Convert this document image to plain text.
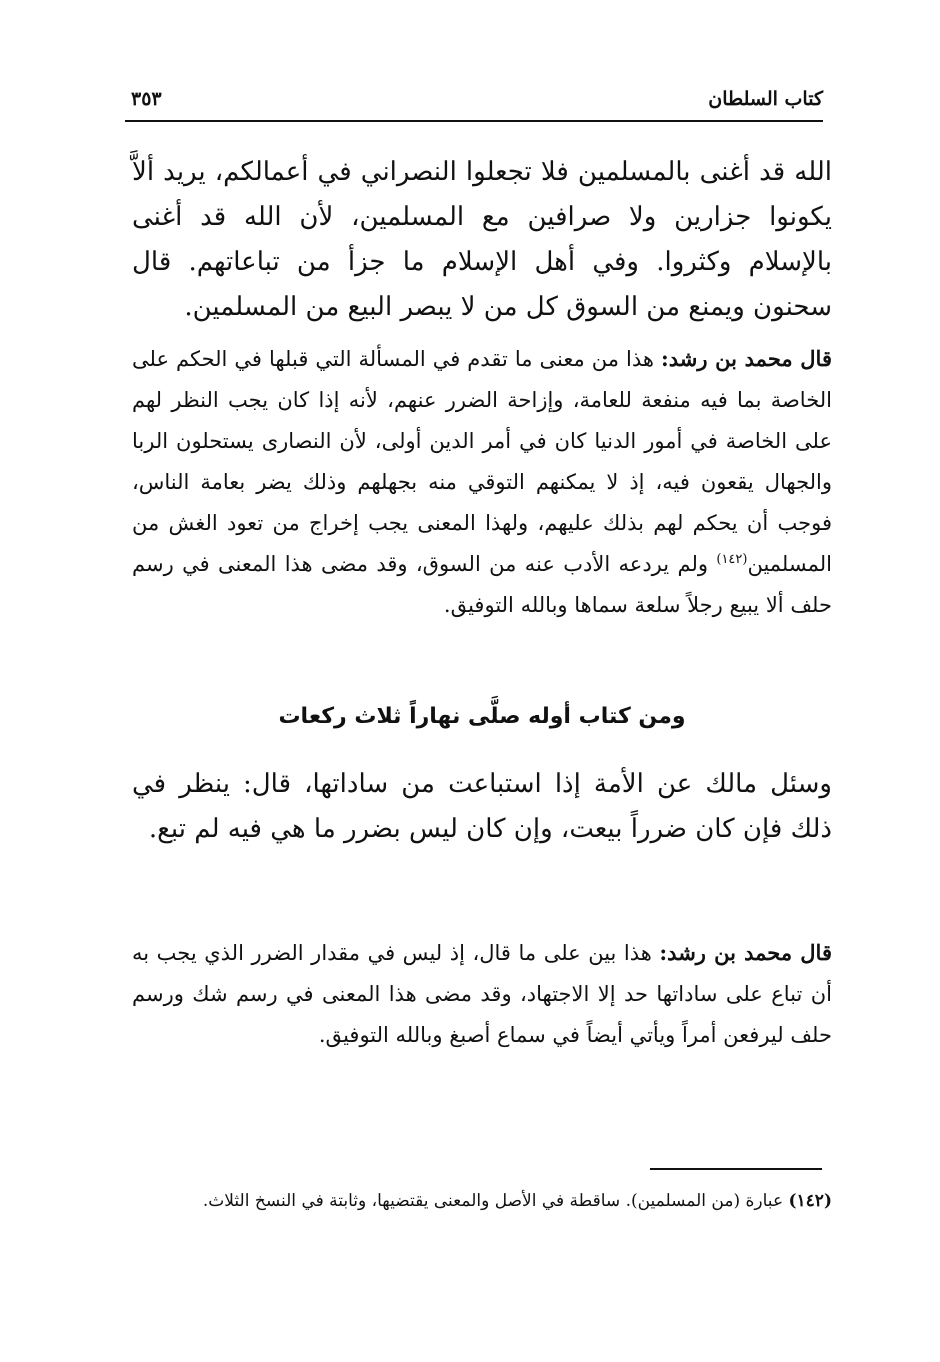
كتاب السلطان
٣٥٣
الله قد أغنى بالمسلمين فلا تجعلوا النصراني في أعمالكم، يريد ألاَّ يكونوا جزارين ولا صرافين مع المسلمين، لأن الله قد أغنى بالإسلام وكثروا. وفي أهل الإسلام ما جزأ من تباعاتهم. قال سحنون ويمنع من السوق كل من لا يبصر البيع من المسلمين.
قال محمد بن رشد: هذا من معنى ما تقدم في المسألة التي قبلها في الحكم على الخاصة بما فيه منفعة للعامة، وإزاحة الضرر عنهم، لأنه إذا كان يجب النظر لهم على الخاصة في أمور الدنيا كان في أمر الدين أولى، لأن النصارى يستحلون الربا والجهال يقعون فيه، إذ لا يمكنهم التوقي منه بجهلهم وذلك يضر بعامة الناس، فوجب أن يحكم لهم بذلك عليهم، ولهذا المعنى يجب إخراج من تعود الغش من المسلمين$^{(١٤٢)}$ ولم يردعه الأدب عنه من السوق، وقد مضى هذا المعنى في رسم حلف ألا يبيع رجلاً سلعة سماها وبالله التوفيق.
ومن كتاب أوله صلَّى نهاراً ثلاث ركعات
وسئل مالك عن الأمة إذا استباعت من ساداتها، قال: ينظر في ذلك فإن كان ضرراً بيعت، وإن كان ليس بضرر ما هي فيه لم تبع.
قال محمد بن رشد: هذا بين على ما قال، إذ ليس في مقدار الضرر الذي يجب به أن تباع على ساداتها حد إلا الاجتهاد، وقد مضى هذا المعنى في رسم شك ورسم حلف ليرفعن أمراً ويأتي أيضاً في سماع أصبغ وبالله التوفيق.
(١٤٢) عبارة (من المسلمين). ساقطة في الأصل والمعنى يقتضيها، وثابتة في النسخ الثلاث.
